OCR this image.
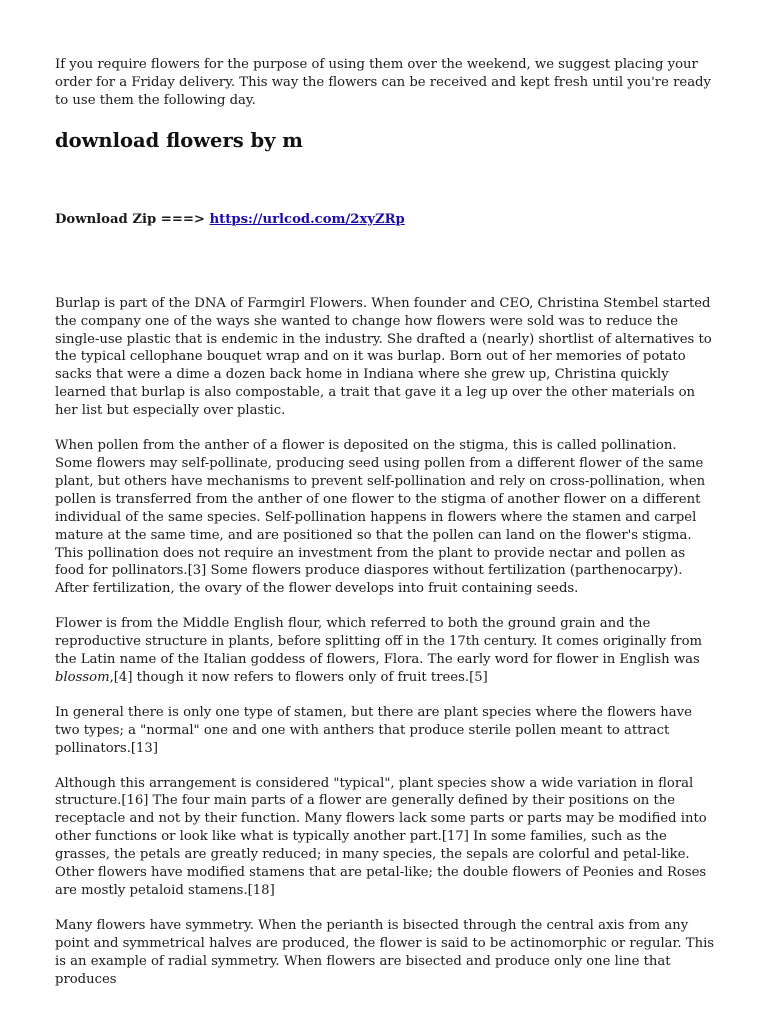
If you require flowers for the purpose of using them over the weekend, we suggest placing your order for a Friday delivery. This way the flowers can be received and kept fresh until you're ready to use them the following day.

download flowers by m
Download Zip ===> https://urlcod.com/2xyZRp

Burlap is part of the DNA of Farmgirl Flowers. When founder and CEO, Christina Stembel started the company one of the ways she wanted to change how flowers were sold was to reduce the single-use plastic that is endemic in the industry. She drafted a (nearly) shortlist of alternatives to the typical cellophane bouquet wrap and on it was burlap. Born out of her memories of potato sacks that were a dime a dozen back home in Indiana where she grew up, Christina quickly learned that burlap is also compostable, a trait that gave it a leg up over the other materials on her list but especially over plastic.

When pollen from the anther of a flower is deposited on the stigma, this is called pollination. Some flowers may self-pollinate, producing seed using pollen from a different flower of the same plant, but others have mechanisms to prevent self-pollination and rely on cross-pollination, when pollen is transferred from the anther of one flower to the stigma of another flower on a different individual of the same species. Self-pollination happens in flowers where the stamen and carpel mature at the same time, and are positioned so that the pollen can land on the flower's stigma. This pollination does not require an investment from the plant to provide nectar and pollen as food for pollinators.[3] Some flowers produce diaspores without fertilization (parthenocarpy). After fertilization, the ovary of the flower develops into fruit containing seeds.

Flower is from the Middle English flour, which referred to both the ground grain and the reproductive structure in plants, before splitting off in the 17th century. It comes originally from the Latin name of the Italian goddess of flowers, Flora. The early word for flower in English was blossom,[4] though it now refers to flowers only of fruit trees.[5]

In general there is only one type of stamen, but there are plant species where the flowers have two types; a "normal" one and one with anthers that produce sterile pollen meant to attract pollinators.[13]

Although this arrangement is considered "typical", plant species show a wide variation in floral structure.[16] The four main parts of a flower are generally defined by their positions on the receptacle and not by their function. Many flowers lack some parts or parts may be modified into other functions or look like what is typically another part.[17] In some families, such as the grasses, the petals are greatly reduced; in many species, the sepals are colorful and petal-like. Other flowers have modified stamens that are petal-like; the double flowers of Peonies and Roses are mostly petaloid stamens.[18]

Many flowers have symmetry. When the perianth is bisected through the central axis from any point and symmetrical halves are produced, the flower is said to be actinomorphic or regular. This is an example of radial symmetry. When flowers are bisected and produce only one line that produces
